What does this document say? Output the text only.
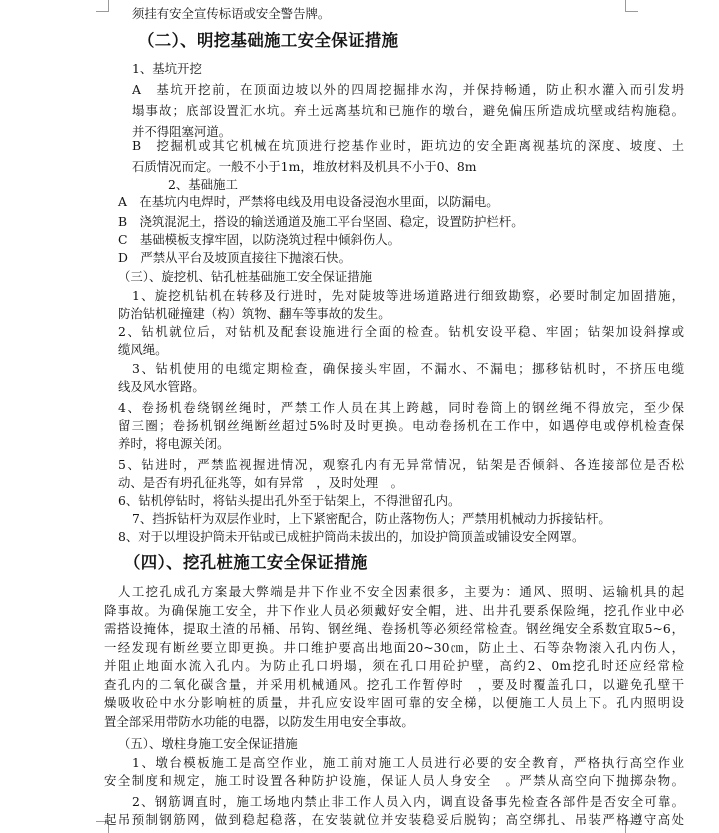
须挂有安全宣传标语或安全警告牌。

（二）、明挖基础施工安全保证措施

1、基坑开挖

A　基坑开挖前，在顶面边坡以外的四周挖掘排水沟，并保持畅通，防止积水灌入而引发坍

塌事故；底部设置汇水坑。弃土远离基坑和已施作的墩台，避免偏压所造成坑壁或结构施稳。

并不得阻塞河道。

B　挖掘机或其它机械在坑顶进行挖基作业时，距坑边的安全距离视基坑的深度、坡度、土

石质情况而定。一般不小于1m，堆放材料及机具不小于0、8m

2、基础施工

A　在基坑内电焊时，严禁将电线及用电设备浸泡水里面，以防漏电。

B　浇筑混泥土，搭设的输送通道及施工平台坚固、稳定，设置防护栏杆。

C　基础模板支撑牢固，以防浇筑过程中倾斜伤人。

D　严禁从平台及坡顶直接往下抛滚石快。

（三）、旋挖机、钻孔桩基础施工安全保证措施

1、旋挖机钻机在转移及行进时，先对陡坡等进场道路进行细致勘察，必要时制定加固措施，

防治钻机碰撞建（构）筑物、翻车等事故的发生。

2、钻机就位后，对钻机及配套设施进行全面的检查。钻机安设平稳、牢固；钻架加设斜撑或

缆风绳。

3、钻机使用的电缆定期检查，确保接头牢固，不漏水、不漏电；挪移钻机时，不挤压电缆

线及风水管路。

4、卷扬机卷绕钢丝绳时，严禁工作人员在其上跨越，同时卷筒上的钢丝绳不得放完，至少保

留三圈；卷扬机钢丝绳断丝超过5%时及时更换。电动卷扬机在工作中，如遇停电或停机检查保

养时，将电源关闭。

5、钻进时，严禁监视握进情况，观察孔内有无异常情况，钻架是否倾斜、各连接部位是否松

动、是否有坍孔征兆等，如有异常　，及时处理　。

6、钻机停钻时，将钻头提出孔外至于钻架上，不得泄留孔内。

7、挡拆钻杆为双层作业时，上下紧密配合，防止落物伤人；严禁用机械动力拆接钻杆。

8、对于以埋设护筒未开钻或已成桩护筒尚未拔出的，加设护筒顶盖或铺设安全网罩。

（四）、挖孔桩施工安全保证措施

人工挖孔成孔方案最大弊端是井下作业不安全因素很多，主要为：通风、照明、运输机具的起

降事故。为确保施工安全，井下作业人员必须戴好安全帽，进、出井孔要系保险绳，挖孔作业中必

需搭设掩体，提取土渣的吊桶、吊钩、钢丝绳、卷扬机等必须经常检查。钢丝绳安全系数宜取5~6，

一经发现有断丝要立即更换。井口维护要高出地面20~30㎝，防止土、石等杂物滚入孔内伤人，

并阻止地面水流入孔内。为防止孔口坍塌，须在孔口用砼护壁，高约2、0m挖孔时还应经常检

查孔内的二氧化碳含量，并采用机械通风。挖孔工作暂停时　，要及时覆盖孔口，以避免孔壁干

燥吸收砼中水分影响桩的质量，井孔应安设牢固可靠的安全梯，以便施工人员上下。孔内照明设

置全部采用带防水功能的电器，以防发生用电安全事故。

（五）、墩柱身施工安全保证措施

1、墩台模板施工是高空作业，施工前对施工人员进行必要的安全教育，严格执行高空作业

安全制度和规定，施工时设置各种防护设施，保证人员人身安全　。严禁从高空向下抛掷杂物。

2、钢筋调直时，施工场地内禁止非工作人员入内，调直设备事先检查各部件是否安全可靠。

起吊预制钢筋网，做到稳起稳落，在安装就位并安装稳妥后脱钩；高空绑扎、吊装严格遵守高处
